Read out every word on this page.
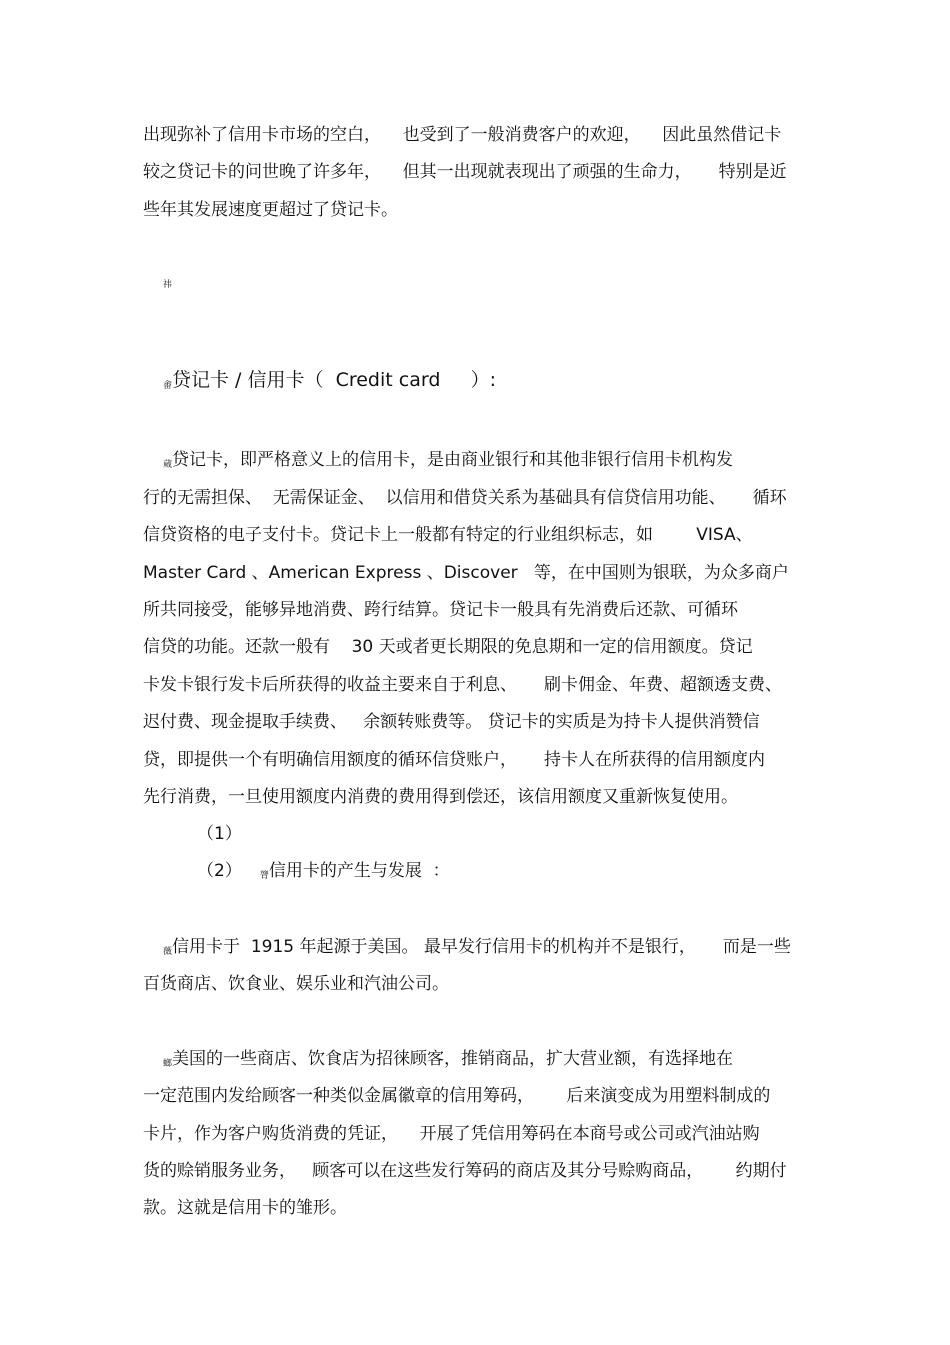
出现弥补了信用卡市场的空白，    也受到了一般消费客户的欢迎，    因此虽然借记卡
较之贷记卡的问世晚了许多年，    但其一出现就表现出了顽强的生命力，     特别是近
些年其发展速度更超过了贷记卡。
祎
畬贷记卡 / 信用卡（  Credit card     ）:
蒇贷记卡，即严格意义上的信用卡，是由商业银行和其他非银行信用卡机构发
行的无需担保、  无需保证金、  以信用和借贷关系为基础具有信贷信用功能、     循环
信贷资格的电子支付卡。贷记卡上一般都有特定的行业组织标志，如        VISA、
Master Card 、American Express 、Discover   等，在中国则为银联，为众多商户
所共同接受，能够异地消费、跨行结算。贷记卡一般具有先消费后还款、可循环
信贷的功能。还款一般有    30 天或者更长期限的免息期和一定的信用额度。贷记
卡发卡银行发卡后所获得的收益主要来自于利息、     刷卡佣金、年费、超额透支费、
迟付费、现金提取手续费、   余额转账费等。 贷记卡的实质是为持卡人提供消赞信
贷，即提供一个有明确信用额度的循环信贷账户，     持卡人在所获得的信用额度内
先行消费，一旦使用额度内消费的费用得到偿还，该信用额度又重新恢复使用。
（1）
（2） 膂信用卡的产生与发展  ：
薇信用卡于  1915 年起源于美国。 最早发行信用卡的机构并不是银行，     而是一些
百货商店、饮食业、娱乐业和汽油公司。
螂美国的一些商店、饮食店为招徕顾客，推销商品，扩大营业额，有选择地在
一定范围内发给顾客一种类似金属徽章的信用筹码，      后来演变成为用塑料制成的
卡片，作为客户购货消费的凭证，    开展了凭信用筹码在本商号或公司或汽油站购
货的赊销服务业务，   顾客可以在这些发行筹码的商店及其分号赊购商品，      约期付
款。这就是信用卡的雏形。
